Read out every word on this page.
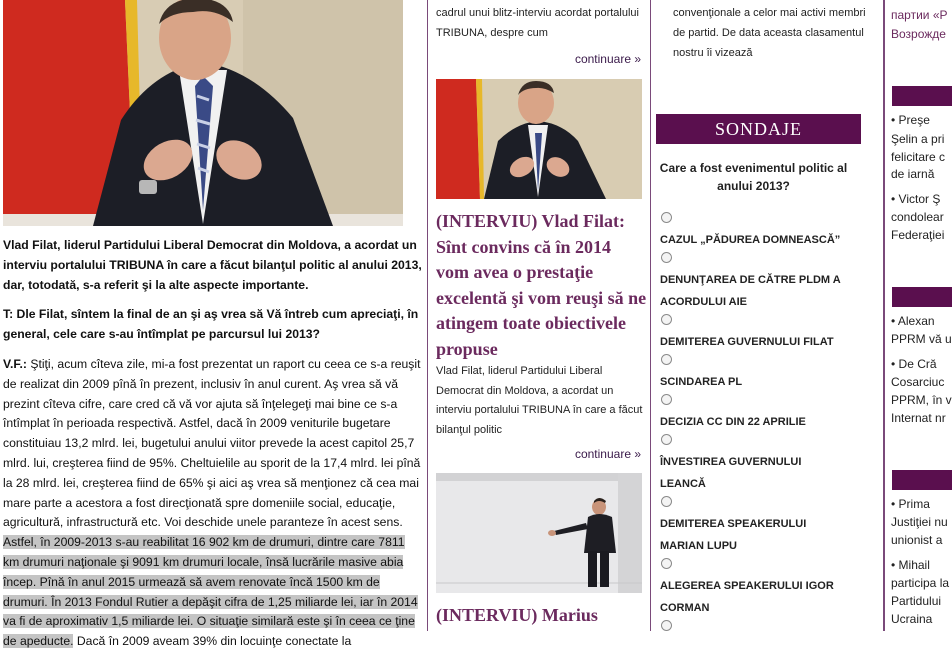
Vlad Filat, liderul Partidului Liberal Democrat din Moldova, a acordat un interviu portalului TRIBUNA în care a făcut bilanţul politic al anului 2013, dar, totodată, s-a referit şi la alte aspecte importante.

T: Dle Filat, sîntem la final de an şi aş vrea să Vă întreb cum apreciaţi, în general, cele care s-au întîmplat pe parcursul lui 2013?

V.F.: Ştiţi, acum cîteva zile, mi-a fost prezentat un raport cu ceea ce s-a reuşit de realizat din 2009 pînă în prezent, inclusiv în anul curent. Aş vrea să vă prezint cîteva cifre, care cred că vă vor ajuta să înţelegeţi mai bine ce s-a întîmplat în perioada respectivă. Astfel, dacă în 2009 veniturile bugetare constituiau 13,2 mlrd. lei, bugetului anului viitor prevede la acest capitol 25,7 mlrd. lui, creşterea fiind de 95%. Cheltuielile au sporit de la 17,4 mlrd. lei pînă la 28 mlrd. lei, creşterea fiind de 65% şi aici aş vrea să menţionez că cea mai mare parte a acestora a fost direcţionată spre domeniile social, educaţie, agricultură, infrastructură etc. Voi deschide unele paranteze în acest sens. Astfel, în 2009-2013 s-au reabilitat 16 902 km de drumuri, dintre care 7811 km drumuri naţionale şi 9091 km drumuri locale, însă lucrările masive abia încep. Pînă în anul 2015 urmează să avem renovate încă 1500 km de drumuri. În 2013 Fondul Rutier a depăşit cifra de 1,25 miliarde lei, iar în 2014 va fi de aproximativ 1,5 miliarde lei. O situaţie similară este şi în ceea ce ţine de apeducte. Dacă în 2009 aveam 39% din locuinţe conectate la

cadrul unui blitz-interviu acordat portalului TRIBUNA, despre cum

continuare »
(INTERVIU) Vlad Filat: Sînt convins că în 2014 vom avea o prestaţie excelentă şi vom reuşi să ne atingem toate obiectivele propuse

Vlad Filat, liderul Partidului Liberal Democrat din Moldova, a acordat un interviu portalului TRIBUNA în care a făcut bilanţul politic

continuare »
(INTERVIU) Marius

convenţionale a celor mai activi membri de partid. De data aceasta clasamentul nostru îi vizează

SONDAJE

Care a fost evenimentul politic al anului 2013?

CAZUL „PĂDUREA DOMNEASCĂ”
DENUNŢAREA DE CĂTRE PLDM A
ACORDULUI AIE
DEMITEREA GUVERNULUI FILAT
SCINDAREA PL
DECIZIA CC DIN 22 APRILIE
ÎNVESTIREA GUVERNULUI
LEANCĂ
DEMITEREA SPEAKERULUI
MARIAN LUPU
ALEGEREA SPEAKERULUI IGOR
CORMAN
партии «Р
Возрожде
• Preşe
Şelin a pri
felicitare c
de iarnă
• Victor Ş
condolear
Federaţiei
• Alexan
PPRM vă u
• De Cră
Cosarciuc
PPRM, în v
Internat nr
• Prima
Justiţiei nu
unionist a
• Mihail
participa la
Partidului
Ucraina
